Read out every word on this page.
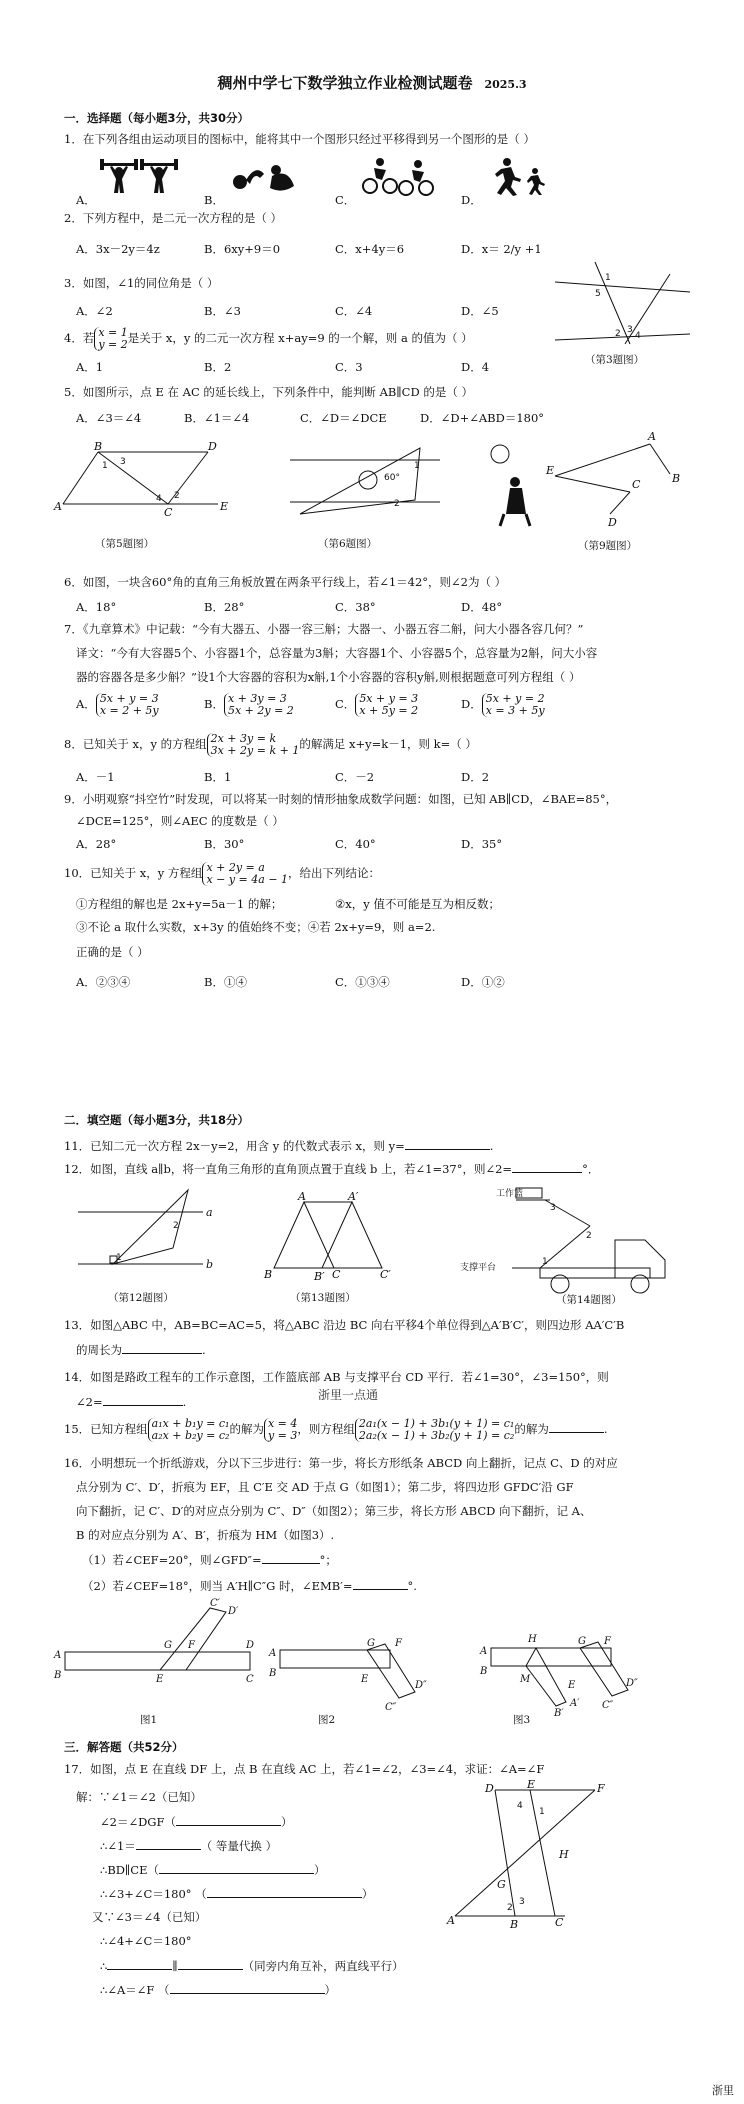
稠州中学七下数学独立作业检测试题卷 2025.3
一．选择题（每小题3分，共30分）
1．在下列各组由运动项目的图标中，能将其中一个图形只经过平移得到另一个图形的是（ ）
A．	B．	C．	D．
2．下列方程中，是二元一次方程的是（ ）
A．3x－2y＝4z	B．6xy+9＝0	C．x+4y＝6	D．x＝ 2/y +1
3．如图，∠1的同位角是（ ）
A．∠2	B．∠3	C．∠4	D．∠5
1
5
2 3
4
（第3题图）
4．若 x = 1
y = 2是关于 x，y 的二元一次方程 x+ay=9 的一个解，则 a 的值为（ ）
A．1	B．2	C．3	D．4
5．如图所示，点 E 在 AC 的延长线上，下列条件中，能判断 AB∥CD 的是（ ）
A．∠3＝∠4	B．∠1＝∠4	C．∠D＝∠DCE	D．∠D+∠ABD＝180°
B	D
A	C	E
1 3
4 2
（第5题图）
60°
1
2
（第6题图）
E
A
B
C
D
（第9题图）
6．如图，一块含60°角的直角三角板放置在两条平行线上，若∠1＝42°，则∠2为（ ）
A．18°	B．28°	C．38°	D．48°
7．《九章算术》中记载：“今有大器五、小器一容三斛；大器一、小器五容二斛，问大小器各容几何？”
译文：“今有大容器5个、小容器1个，总容量为3斛；大容器1个、小容器5个，总容量为2斛，问大小容
器的容器各是多少斛？”设1个大容器的容积为x斛,1个小容器的容积y斛,则根据题意可列方程组（ ）
A． 5x + y = 3
x = 2 + 5y	B． x + 3y = 3
5x + 2y = 2	C． 5x + y = 3
x + 5y = 2	D． 5x + y = 2
x = 3 + 5y
8．已知关于 x，y 的方程组 2x + 3y = k
3x + 2y = k + 1的解满足 x+y=k－1，则 k=（ ）
A．－1	B．1	C．－2	D．2
9．小明观察“抖空竹”时发现，可以将某一时刻的情形抽象成数学问题：如图，已知 AB∥CD，∠BAE=85°，
∠DCE=125°，则∠AEC 的度数是（ ）
A．28°	B．30°	C．40°	D．35°
10．已知关于 x，y 方程组 x + 2y = a
x − y = 4a − 1，给出下列结论：
①方程组的解也是 2x+y=5a－1 的解；	②x，y 值不可能是互为相反数；
③不论 a 取什么实数，x+3y 的值始终不变；④若 2x+y=9，则 a=2.
正确的是（ ）
A．②③④	B．①④	C．①③④	D．①②
二．填空题（每小题3分，共18分）
11．已知二元一次方程 2x－y=2，用含 y 的代数式表示 x，则 y=	.
12．如图，直线 a∥b，将一直角三角形的直角顶点置于直线 b 上，若∠1=37°，则∠2=	°．
a
b
2
1
（第12题图）
A	A′
B	B′ C	C′
（第13题图）
3
2
1
工作篮
支撑平台
（第14题图）
13．如图△ABC 中，AB=BC=AC=5，将△ABC 沿边 BC 向右平移4个单位得到△A′B′C′，则四边形 AA′C′B
的周长为	.
14．如图是路政工程车的工作示意图，工作篮底部 AB 与支撑平台 CD 平行．若∠1=30°，∠3=150°，则
∠2=	.	浙里一点通
15．已知方程组 a₁x + b₁y = c₁
a₂x + b₂y = c₂的解为 x = 4
y = 3，则方程组 2a₁(x − 1) + 3b₁(y + 1) = c₁
2a₂(x − 1) + 3b₂(y + 1) = c₂的解为	.
16．小明想玩一个折纸游戏，分以下三步进行：第一步，将长方形纸条 ABCD 向上翻折，记点 C、D 的对应
点分别为 C′、D′，折痕为 EF，且 C′E 交 AD 于点 G（如图1）；第二步，将四边形 GFDC′沿 GF
向下翻折，记 C′、D′的对应点分别为 C″、D″（如图2）；第三步，将长方形 ABCD 向下翻折，记 A、
B 的对应点分别为 A′、B′，折痕为 HM（如图3）.
（1）若∠CEF=20°，则∠GFD″=	°；
（2）若∠CEF=18°，则当 A′H∥C″G 时，∠EMB′=	°.
A
B
G F
E
C′
D′
D
C
图1
A
B
G F
E
D″
C″
图2
A
B
H	G F
M
E
A′
B′
D″
C″
图3
三．解答题（共52分）
17．如图，点 E 在直线 DF 上，点 B 在直线 AC 上，若∠1=∠2，∠3=∠4，求证：∠A=∠F
解：∵∠1＝∠2（已知）
∠2＝∠DGF（	）
∴∠1＝	（ 等量代换 ）
∴BD∥CE（	）
∴∠3+∠C＝180° （	）
又∵∠3＝∠4（已知）
∴∠4+∠C＝180°
∴	∥	（同旁内角互补，两直线平行）
∴∠A＝∠F （	）
D	E	F
A	B	C
G
H
4
1
2
3
浙里
